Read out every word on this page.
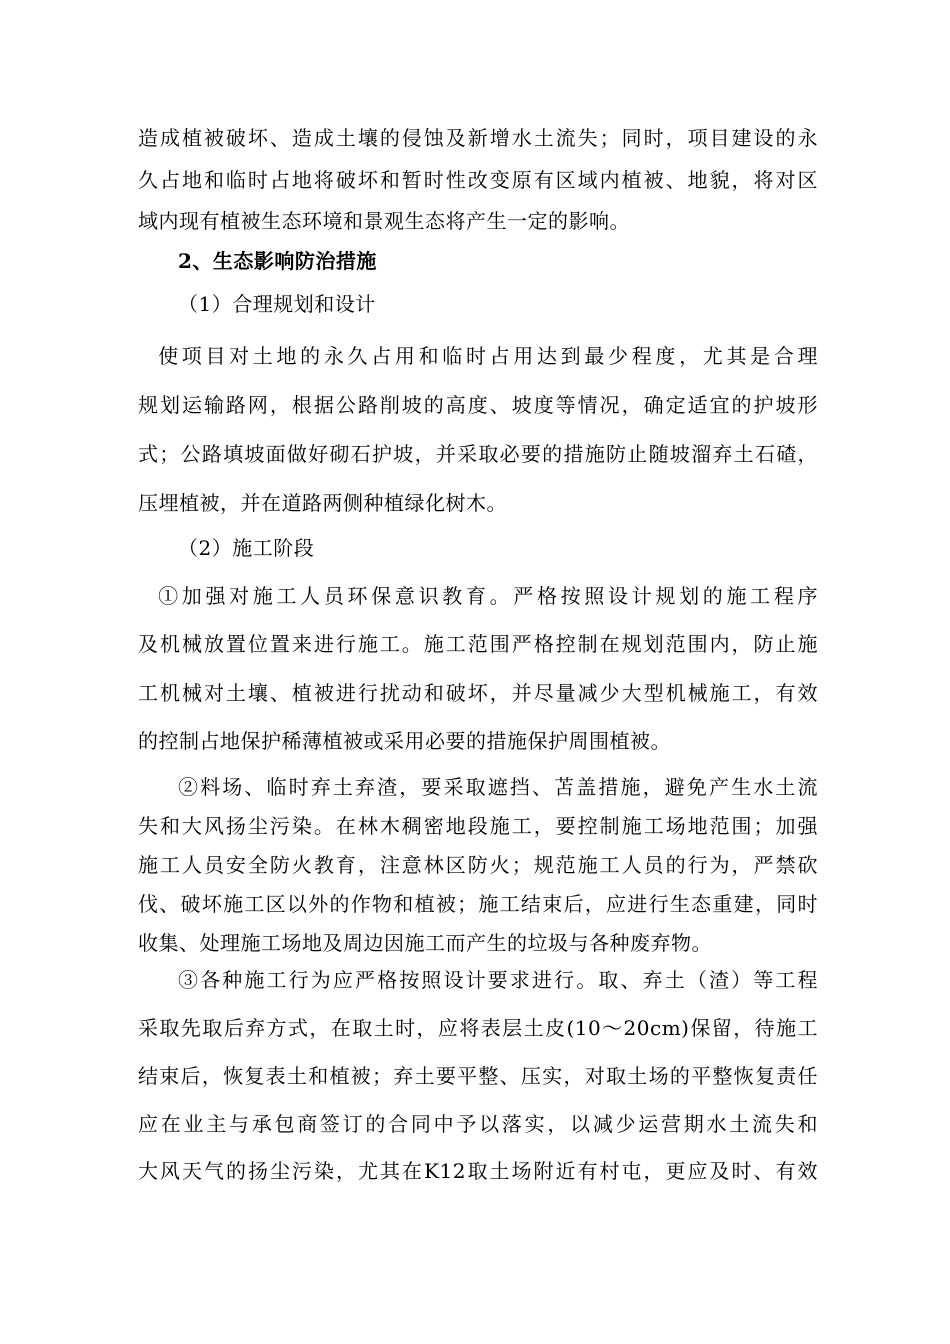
造成植被破坏、造成土壤的侵蚀及新增水土流失；同时，项目建设的永
久占地和临时占地将破坏和暂时性改变原有区域内植被、地貌，将对区
域内现有植被生态环境和景观生态将产生一定的影响。
2、生态影响防治措施
（1）合理规划和设计
使项目对土地的永久占用和临时占用达到最少程度，尤其是合理
规划运输路网，根据公路削坡的高度、坡度等情况，确定适宜的护坡形
式；公路填坡面做好砌石护坡，并采取必要的措施防止随坡溜弃土石碴，
压埋植被，并在道路两侧种植绿化树木。
（2）施工阶段
①加强对施工人员环保意识教育。严格按照设计规划的施工程序
及机械放置位置来进行施工。施工范围严格控制在规划范围内，防止施
工机械对土壤、植被进行扰动和破坏，并尽量减少大型机械施工，有效
的控制占地保护稀薄植被或采用必要的措施保护周围植被。
②料场、临时弃土弃渣，要采取遮挡、苫盖措施，避免产生水土流
失和大风扬尘污染。在林木稠密地段施工，要控制施工场地范围；加强
施工人员安全防火教育，注意林区防火；规范施工人员的行为，严禁砍
伐、破坏施工区以外的作物和植被；施工结束后，应进行生态重建，同时
收集、处理施工场地及周边因施工而产生的垃圾与各种废弃物。
③各种施工行为应严格按照设计要求进行。取、弃土（渣）等工程
采取先取后弃方式，在取土时，应将表层土皮(10～20cm)保留，待施工
结束后，恢复表土和植被；弃土要平整、压实，对取土场的平整恢复责任
应在业主与承包商签订的合同中予以落实，以减少运营期水土流失和
大风天气的扬尘污染，尤其在K12取土场附近有村屯，更应及时、有效
